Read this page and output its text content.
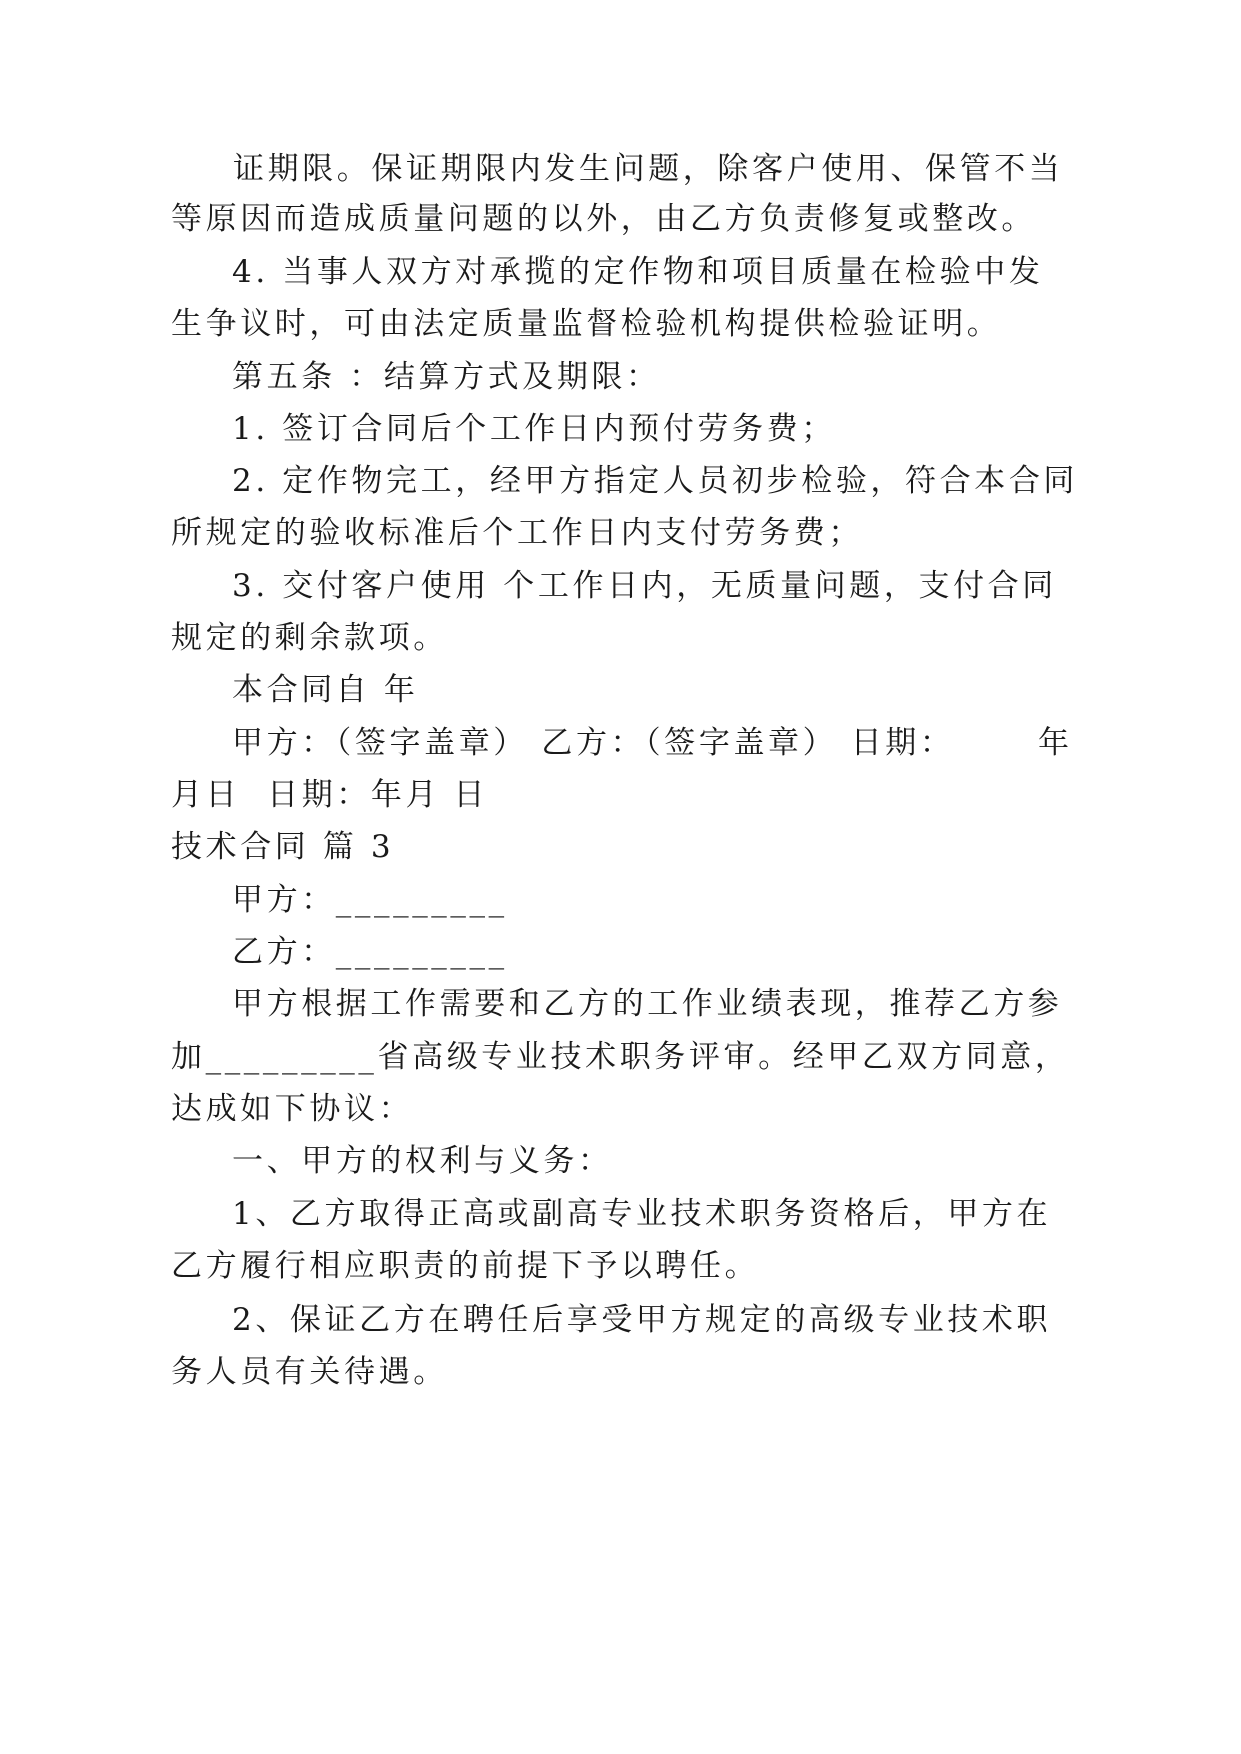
证期限。保证期限内发生问题，除客户使用、保管不当
等原因而造成质量问题的以外，由乙方负责修复或整改。
4. 当事人双方对承揽的定作物和项目质量在检验中发
生争议时，可由法定质量监督检验机构提供检验证明。
第五条 ：结算方式及期限：
1. 签订合同后个工作日内预付劳务费；
2. 定作物完工，经甲方指定人员初步检验，符合本合同
所规定的验收标准后个工作日内支付劳务费；
3. 交付客户使用 个工作日内，无质量问题，支付合同
规定的剩余款项。
本合同自 年

甲方：（签字盖章） 乙方：（签字盖章） 日期：

	年

月日  日期：年月 日
技术合同 篇 3
甲方：_________
乙方：_________
甲方根据工作需要和乙方的工作业绩表现，推荐乙方参
加_________省高级专业技术职务评审。经甲乙双方同意，
达成如下协议：
一、甲方的权利与义务：
1、乙方取得正高或副高专业技术职务资格后，甲方在
乙方履行相应职责的前提下予以聘任。
2、保证乙方在聘任后享受甲方规定的高级专业技术职
务人员有关待遇。
